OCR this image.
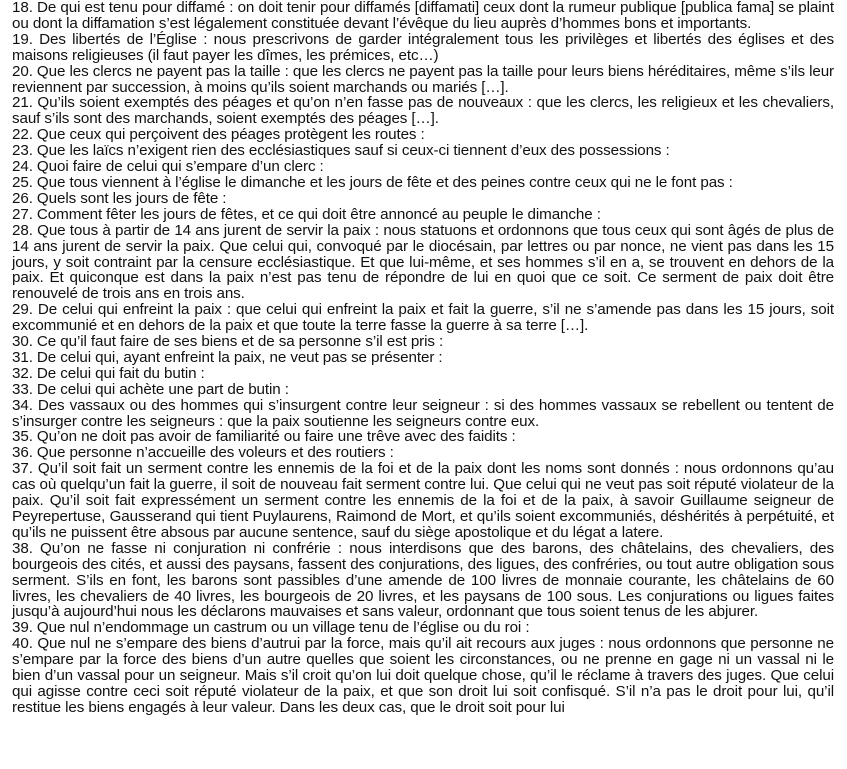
18. De qui est tenu pour diffamé : on doit tenir pour diffamés [diffamati] ceux dont la rumeur publique [publica fama] se plaint ou dont la diffamation s’est légalement constituée devant l’évêque du lieu auprès d’hommes bons et importants.

19. Des libertés de l’Église : nous prescrivons de garder intégralement tous les privilèges et libertés des églises et des maisons religieuses (il faut payer les dîmes, les prémices, etc…)

20. Que les clercs ne payent pas la taille : que les clercs ne payent pas la taille pour leurs biens héréditaires, même s’ils leur reviennent par succession, à moins qu’ils soient marchands ou mariés […].

21. Qu’ils soient exemptés des péages et qu’on n’en fasse pas de nouveaux : que les clercs, les religieux et les chevaliers, sauf s’ils sont des marchands, soient exemptés des péages […].

22. Que ceux qui perçoivent des péages protègent les routes :

23. Que les laïcs n’exigent rien des ecclésiastiques sauf si ceux-ci tiennent d’eux des possessions :

24. Quoi faire de celui qui s’empare d’un clerc :

25. Que tous viennent à l’église le dimanche et les jours de fête et des peines contre ceux qui ne le font pas :

26. Quels sont les jours de fête :

27. Comment fêter les jours de fêtes, et ce qui doit être annoncé au peuple le dimanche :

28. Que tous à partir de 14 ans jurent de servir la paix : nous statuons et ordonnons que tous ceux qui sont âgés de plus de 14 ans jurent de servir la paix. Que celui qui, convoqué par le diocésain, par lettres ou par nonce, ne vient pas dans les 15 jours, y soit contraint par la censure ecclésiastique. Et que lui-même, et ses hommes s’il en a, se trouvent en dehors de la paix. Et quiconque est dans la paix n’est pas tenu de répondre de lui en quoi que ce soit. Ce serment de paix doit être renouvelé de trois ans en trois ans.

29. De celui qui enfreint la paix : que celui qui enfreint la paix et fait la guerre, s’il ne s’amende pas dans les 15 jours, soit excommunié et en dehors de la paix et que toute la terre fasse la guerre à sa terre […].

30. Ce qu’il faut faire de ses biens et de sa personne s’il est pris :

31. De celui qui, ayant enfreint la paix, ne veut pas se présenter :

32. De celui qui fait du butin :

33. De celui qui achète une part de butin :

34. Des vassaux ou des hommes qui s’insurgent contre leur seigneur : si des hommes vassaux se rebellent ou tentent de s’insurger contre les seigneurs : que la paix soutienne les seigneurs contre eux.

35. Qu’on ne doit pas avoir de familiarité ou faire une trêve avec des faidits :

36. Que personne n’accueille des voleurs et des routiers :

37. Qu’il soit fait un serment contre les ennemis de la foi et de la paix dont les noms sont donnés : nous ordonnons qu’au cas où quelqu’un fait la guerre, il soit de nouveau fait serment contre lui. Que celui qui ne veut pas soit réputé violateur de la paix. Qu’il soit fait expressément un serment contre les ennemis de la foi et de la paix, à savoir Guillaume seigneur de Peyrepertuse, Gausserand qui tient Puylaurens, Raimond de Mort, et qu’ils soient excommuniés, déshérités à perpétuité, et qu’ils ne puissent être absous par aucune sentence, sauf du siège apostolique et du légat a latere.

38. Qu’on ne fasse ni conjuration ni confrérie : nous interdisons que des barons, des châtelains, des chevaliers, des bourgeois des cités, et aussi des paysans, fassent des conjurations, des ligues, des confréries, ou tout autre obligation sous serment. S’ils en font, les barons sont passibles d’une amende de 100 livres de monnaie courante, les châtelains de 60 livres, les chevaliers de 40 livres, les bourgeois de 20 livres, et les paysans de 100 sous. Les conjurations ou ligues faites jusqu’à aujourd’hui nous les déclarons mauvaises et sans valeur, ordonnant que tous soient tenus de les abjurer.

39. Que nul n’endommage un castrum ou un village tenu de l’église ou du roi :

40. Que nul ne s’empare des biens d’autrui par la force, mais qu’il ait recours aux juges : nous ordonnons que personne ne s’empare par la force des biens d’un autre quelles que soient les circonstances, ou ne prenne en gage ni un vassal ni le bien d’un vassal pour un seigneur. Mais s’il croit qu’on lui doit quelque chose, qu’il le réclame à travers des juges. Que celui qui agisse contre ceci soit réputé violateur de la paix, et que son droit lui soit confisqué. S’il n’a pas le droit pour lui, qu’il restitue les biens engagés à leur valeur. Dans les deux cas, que le droit soit pour lui
